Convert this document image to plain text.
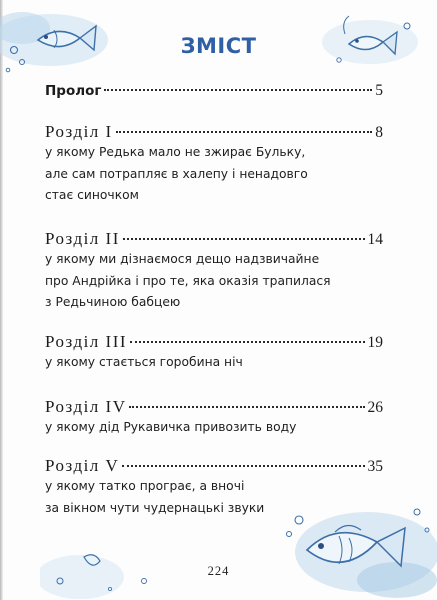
ЗМІСТ
Пролог	5
Розділ I	8
у якому Редька мало не зжирає Бульку,
але сам потрапляє в халепу і ненадовго
стає синочком
Розділ II	14
у якому ми дізнаємося дещо надзвичайне
про Андрійка і про те, яка оказія трапилася
з Редьчиною бабцею
Розділ III	19
у якому стається горобина ніч
Розділ IV	26
у якому дід Рукавичка привозить воду
Розділ V	35
у якому татко програє, а вночі
за вікном чути чудернацькі звуки
224
